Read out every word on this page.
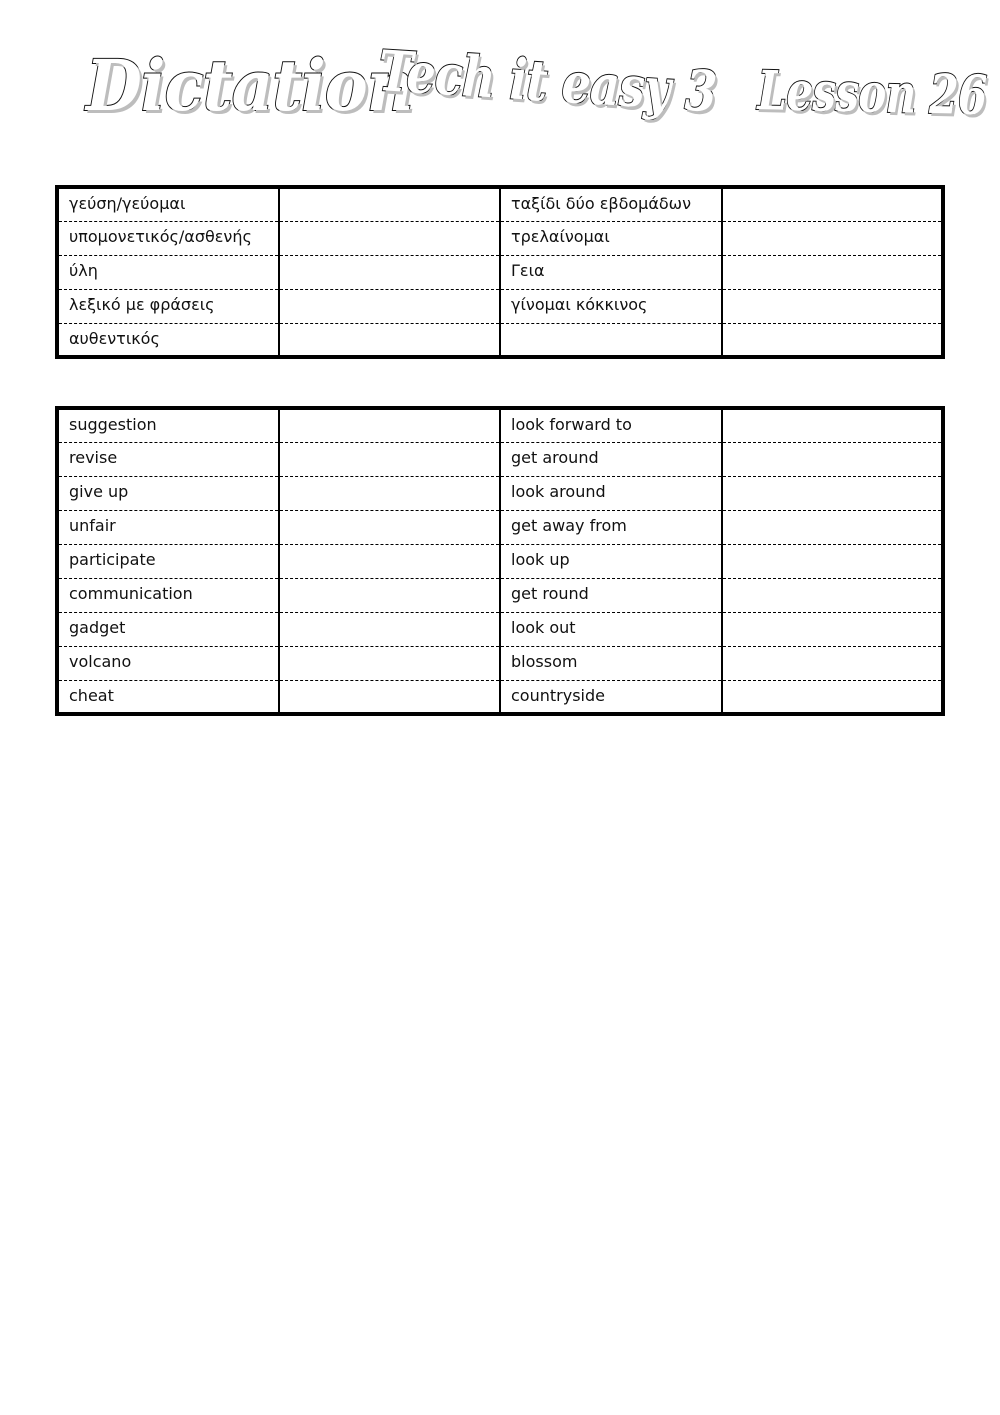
Dictation
Tech it easy 3 Lesson 26
γεύση/γεύομαι		ταξίδι δύο εβδομάδων	
υπομονετικός/ασθενής		τρελαίνομαι	
ύλη		Γεια	
λεξικό με φράσεις		γίνομαι κόκκινος	
αυθεντικός			
suggestion		look forward to	
revise		get around	
give up		look around	
unfair		get away from	
participate		look up	
communication		get round	
gadget		look out	
volcano		blossom	
cheat		countryside	
